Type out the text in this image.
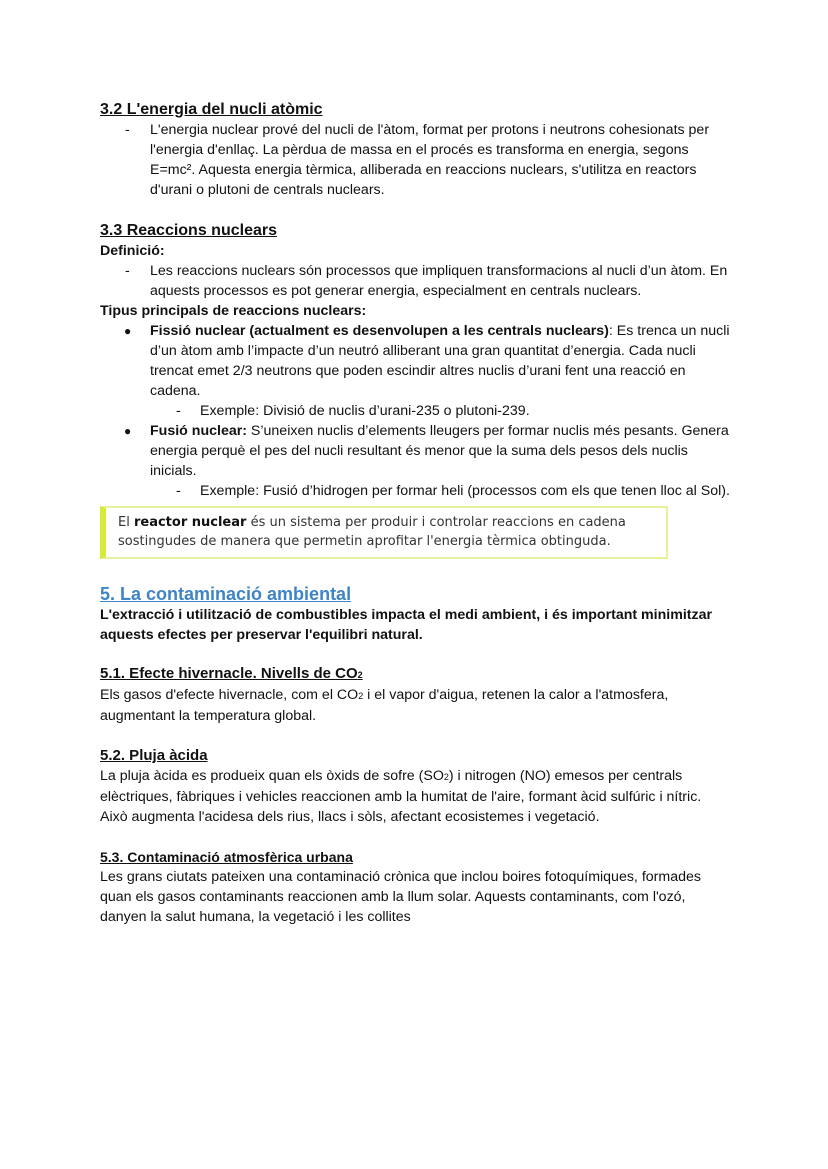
3.2 L'energia del nucli atòmic
- L'energia nuclear prové del nucli de l'àtom, format per protons i neutrons cohesionats per l'energia d'enllaç. La pèrdua de massa en el procés es transforma en energia, segons E=mc². Aquesta energia tèrmica, alliberada en reaccions nuclears, s'utilitza en reactors d'urani o plutoni de centrals nuclears.
3.3 Reaccions nuclears
Definició:
- Les reaccions nuclears són processos que impliquen transformacions al nucli d’un àtom. En aquests processos es pot generar energia, especialment en centrals nuclears.
Tipus principals de reaccions nuclears:
● Fissió nuclear (actualment es desenvolupen a les centrals nuclears): Es trenca un nucli d’un àtom amb l’impacte d’un neutró alliberant una gran quantitat d’energia. Cada nucli trencat emet 2/3 neutrons que poden escindir altres nuclis d’urani fent una reacció en cadena.
- Exemple: Divisió de nuclis d’urani-235 o plutoni-239.
● Fusió nuclear: S’uneixen nuclis d’elements lleugers per formar nuclis més pesants. Genera energia perquè el pes del nucli resultant és menor que la suma dels pesos dels nuclis inicials.
- Exemple: Fusió d’hidrogen per formar heli (processos com els que tenen lloc al Sol).
El reactor nuclear és un sistema per produir i controlar reaccions en cadena sostingudes de manera que permetin aprofitar l'energia tèrmica obtinguda.
5. La contaminació ambiental
L'extracció i utilització de combustibles impacta el medi ambient, i és important minimitzar aquests efectes per preservar l'equilibri natural.
5.1. Efecte hivernacle. Nivells de CO2
Els gasos d'efecte hivernacle, com el CO2 i el vapor d'aigua, retenen la calor a l'atmosfera, augmentant la temperatura global.
5.2. Pluja àcida
La pluja àcida es produeix quan els òxids de sofre (SO2) i nitrogen (NO) emesos per centrals elèctriques, fàbriques i vehicles reaccionen amb la humitat de l'aire, formant àcid sulfúric i nítric. Això augmenta l'acidesa dels rius, llacs i sòls, afectant ecosistemes i vegetació.
5.3. Contaminació atmosfèrica urbana
Les grans ciutats pateixen una contaminació crònica que inclou boires fotoquímiques, formades quan els gasos contaminants reaccionen amb la llum solar. Aquests contaminants, com l'ozó, danyen la salut humana, la vegetació i les collites
